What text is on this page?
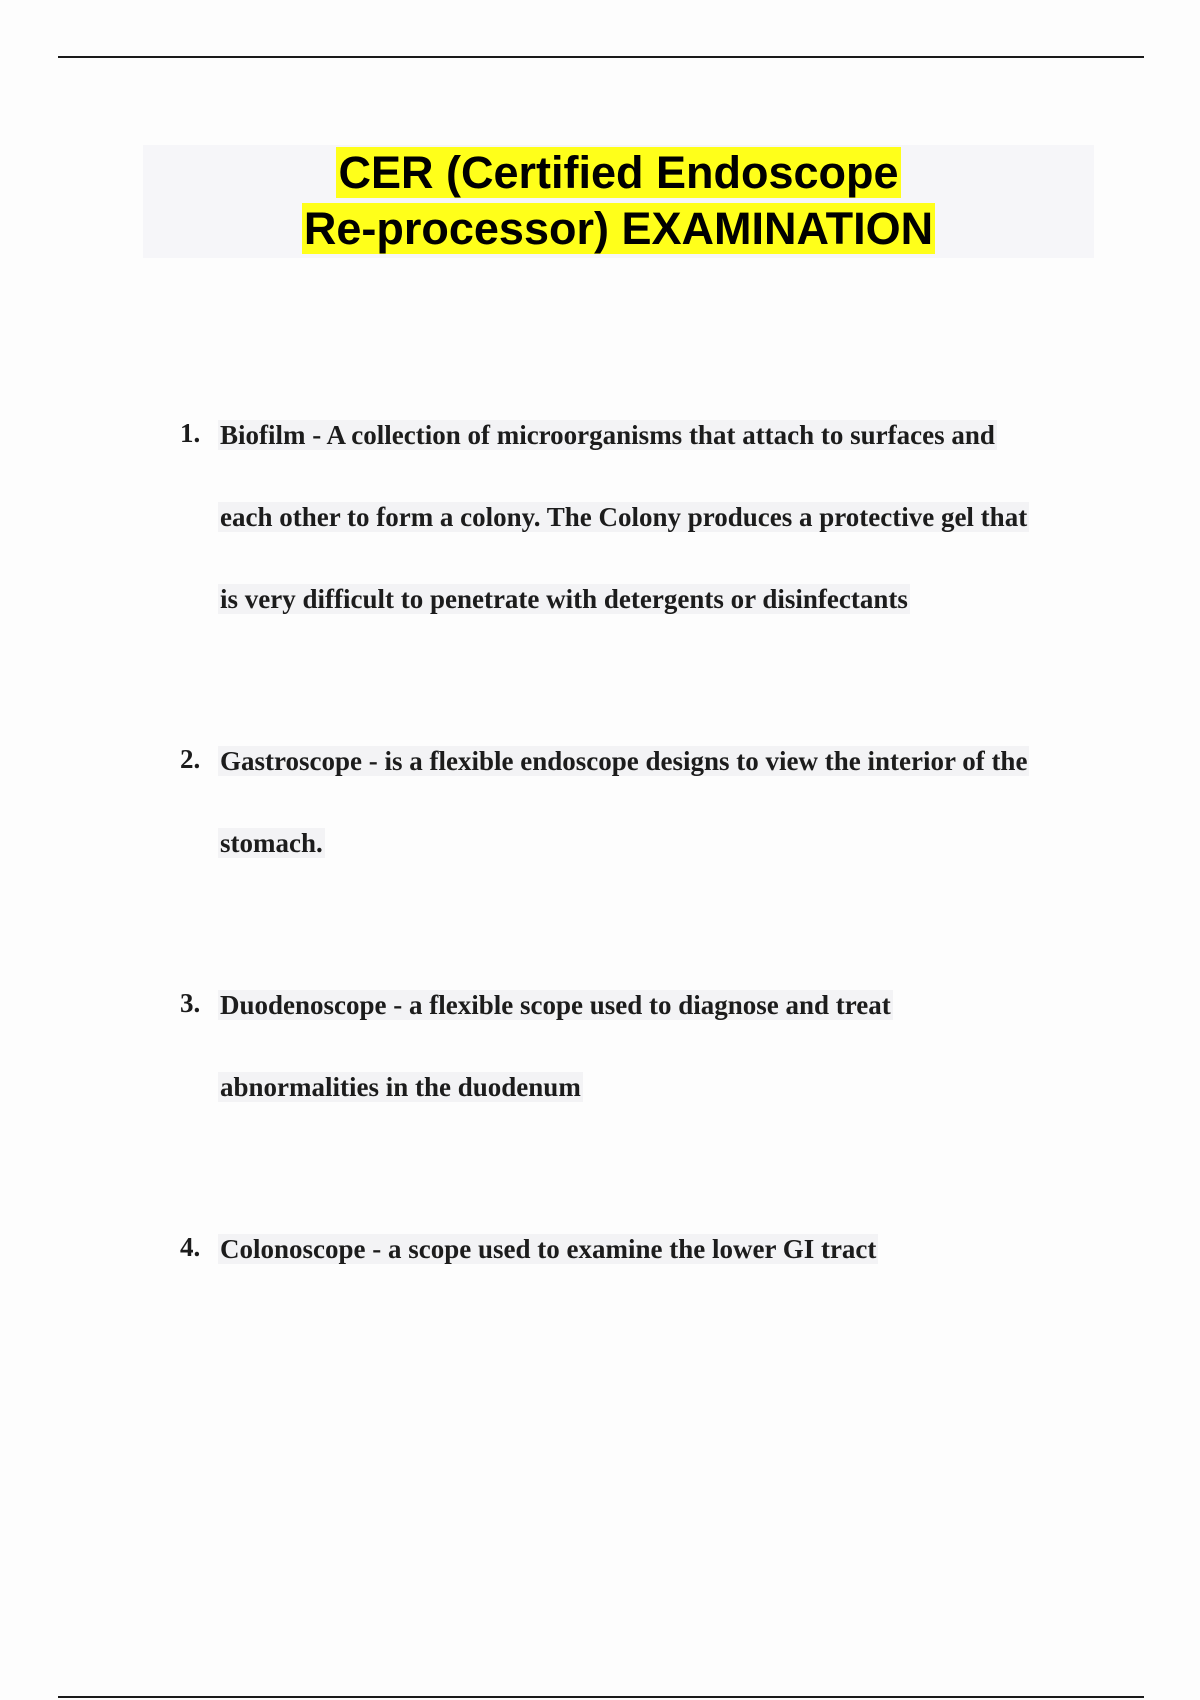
CER (Certified Endoscope
Re-processor) EXAMINATION
1. Biofilm - A collection of microorganisms that attach to surfaces and
each other to form a colony. The Colony produces a protective gel that
is very difficult to penetrate with detergents or disinfectants
2. Gastroscope - is a flexible endoscope designs to view the interior of the
stomach.
3. Duodenoscope - a flexible scope used to diagnose and treat
abnormalities in the duodenum
4. Colonoscope - a scope used to examine the lower GI tract
